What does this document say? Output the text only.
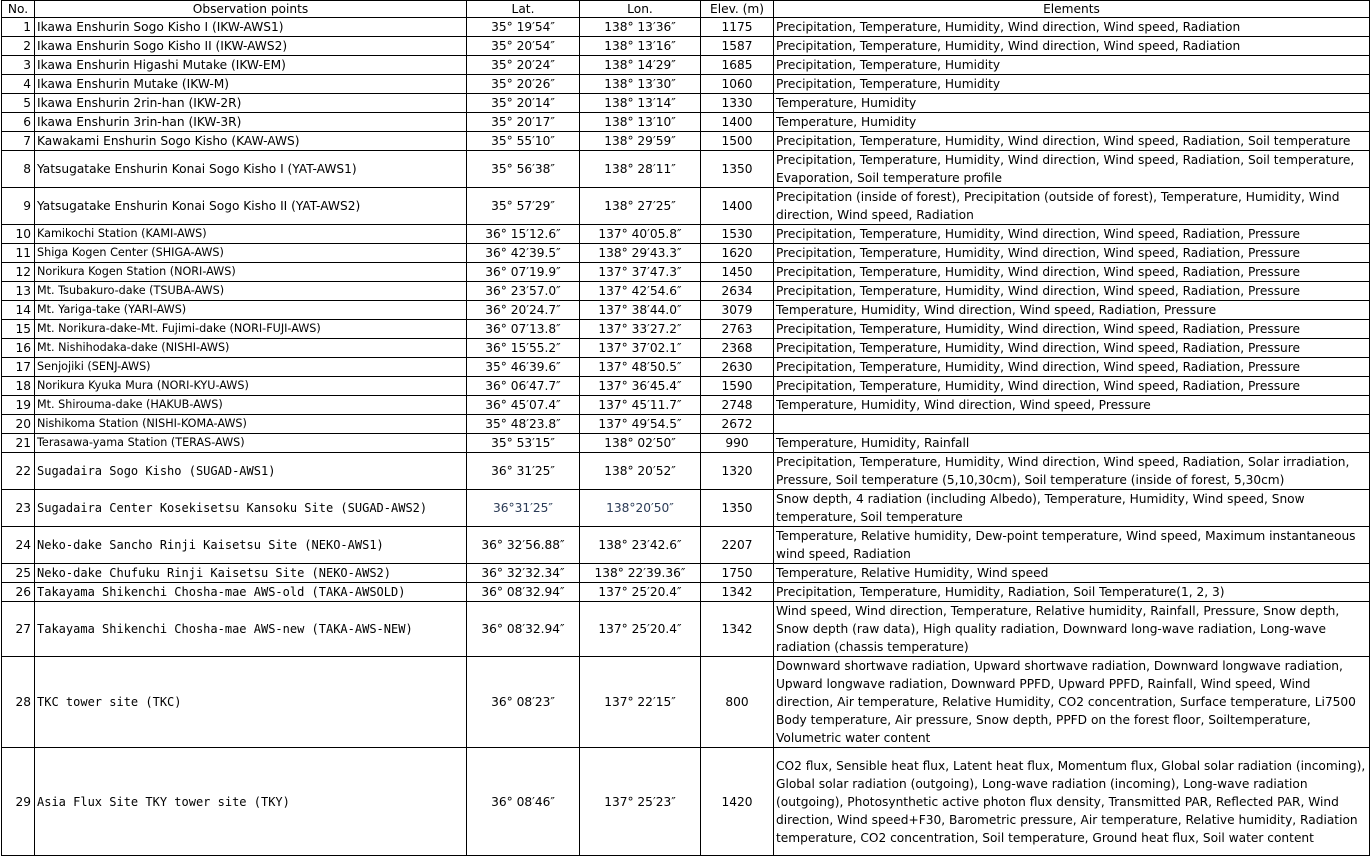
No.	Observation points	Lat.	Lon.	Elev. (m)	Elements
1	Ikawa Enshurin Sogo Kisho I (IKW-AWS1)	35° 19′54″	138° 13′36″	1175	Precipitation, Temperature, Humidity, Wind direction, Wind speed, Radiation
2	Ikawa Enshurin Sogo Kisho II (IKW-AWS2)	35° 20′54″	138° 13′16″	1587	Precipitation, Temperature, Humidity, Wind direction, Wind speed, Radiation
3	Ikawa Enshurin Higashi Mutake (IKW-EM)	35° 20′24″	138° 14′29″	1685	Precipitation, Temperature, Humidity
4	Ikawa Enshurin Mutake (IKW-M)	35° 20′26″	138° 13′30″	1060	Precipitation, Temperature, Humidity
5	Ikawa Enshurin 2rin-han (IKW-2R)	35° 20′14″	138° 13′14″	1330	Temperature, Humidity
6	Ikawa Enshurin 3rin-han (IKW-3R)	35° 20′17″	138° 13′10″	1400	Temperature, Humidity
7	Kawakami Enshurin Sogo Kisho (KAW-AWS)	35° 55′10″	138° 29′59″	1500	Precipitation, Temperature, Humidity, Wind direction, Wind speed, Radiation, Soil temperature
8	Yatsugatake Enshurin Konai Sogo Kisho I (YAT-AWS1)	35° 56′38″	138° 28′11″	1350	Precipitation, Temperature, Humidity, Wind direction, Wind speed, Radiation, Soil temperature, Evaporation, Soil temperature profile
9	Yatsugatake Enshurin Konai Sogo Kisho II (YAT-AWS2)	35° 57′29″	138° 27′25″	1400	Precipitation (inside of forest), Precipitation (outside of forest), Temperature, Humidity, Wind direction, Wind speed, Radiation
10	Kamikochi Station (KAMI-AWS)	36° 15′12.6″	137° 40′05.8″	1530	Precipitation, Temperature, Humidity, Wind direction, Wind speed, Radiation, Pressure
11	Shiga Kogen Center (SHIGA-AWS)	36° 42′39.5″	138° 29′43.3″	1620	Precipitation, Temperature, Humidity, Wind direction, Wind speed, Radiation, Pressure
12	Norikura Kogen Station (NORI-AWS)	36° 07′19.9″	137° 37′47.3″	1450	Precipitation, Temperature, Humidity, Wind direction, Wind speed, Radiation, Pressure
13	Mt. Tsubakuro-dake (TSUBA-AWS)	36° 23′57.0″	137° 42′54.6″	2634	Precipitation, Temperature, Humidity, Wind direction, Wind speed, Radiation, Pressure
14	Mt. Yariga-take (YARI-AWS)	36° 20′24.7″	137° 38′44.0″	3079	Temperature, Humidity, Wind direction, Wind speed, Radiation, Pressure
15	Mt. Norikura-dake-Mt. Fujimi-dake (NORI-FUJI-AWS)	36° 07′13.8″	137° 33′27.2″	2763	Precipitation, Temperature, Humidity, Wind direction, Wind speed, Radiation, Pressure
16	Mt. Nishihodaka-dake (NISHI-AWS)	36° 15′55.2″	137° 37′02.1″	2368	Precipitation, Temperature, Humidity, Wind direction, Wind speed, Radiation, Pressure
17	Senjojiki (SENJ-AWS)	35° 46′39.6″	137° 48′50.5″	2630	Precipitation, Temperature, Humidity, Wind direction, Wind speed, Radiation, Pressure
18	Norikura Kyuka Mura (NORI-KYU-AWS)	36° 06′47.7″	137° 36′45.4″	1590	Precipitation, Temperature, Humidity, Wind direction, Wind speed, Radiation, Pressure
19	Mt. Shirouma-dake (HAKUB-AWS)	36° 45′07.4″	137° 45′11.7″	2748	Temperature, Humidity, Wind direction, Wind speed, Pressure
20	Nishikoma Station (NISHI-KOMA-AWS)	35° 48′23.8″	137° 49′54.5″	2672	
21	Terasawa-yama Station (TERAS-AWS)	35° 53′15″	138° 02′50″	990	Temperature, Humidity, Rainfall
22	Sugadaira Sogo Kisho (SUGAD-AWS1)	36° 31′25″	138° 20′52″	1320	Precipitation, Temperature, Humidity, Wind direction, Wind speed, Radiation, Solar irradiation, Pressure, Soil temperature (5,10,30cm), Soil temperature (inside of forest, 5,30cm)
23	Sugadaira Center Kosekisetsu Kansoku Site (SUGAD-AWS2)	36°31′25″	138°20′50″	1350	Snow depth, 4 radiation (including Albedo), Temperature, Humidity, Wind speed, Snow temperature, Soil temperature
24	Neko-dake Sancho Rinji Kaisetsu Site (NEKO-AWS1)	36° 32′56.88″	138° 23′42.6″	2207	Temperature, Relative humidity, Dew-point temperature, Wind speed, Maximum instantaneous wind speed, Radiation
25	Neko-dake Chufuku Rinji Kaisetsu Site (NEKO-AWS2)	36° 32′32.34″	138° 22′39.36″	1750	Temperature, Relative Humidity, Wind speed
26	Takayama Shikenchi Chosha-mae AWS-old (TAKA-AWSOLD)	36° 08′32.94″	137° 25′20.4″	1342	Precipitation, Temperature, Humidity, Radiation, Soil Temperature(1, 2, 3)
27	Takayama Shikenchi Chosha-mae AWS-new (TAKA-AWS-NEW)	36° 08′32.94″	137° 25′20.4″	1342	Wind speed, Wind direction, Temperature, Relative humidity, Rainfall, Pressure, Snow depth, Snow depth (raw data), High quality radiation, Downward long-wave radiation, Long-wave radiation (chassis temperature)
28	TKC tower site (TKC)	36° 08′23″	137° 22′15″	800	Downward shortwave radiation, Upward shortwave radiation, Downward longwave radiation, Upward longwave radiation, Downward PPFD, Upward PPFD, Rainfall, Wind speed, Wind direction, Air temperature, Relative Humidity, CO2 concentration, Surface temperature, Li7500 Body temperature, Air pressure, Snow depth, PPFD on the forest floor, Soiltemperature, Volumetric water content
29	Asia Flux Site TKY tower site (TKY)	36° 08′46″	137° 25′23″	1420	CO2 flux, Sensible heat flux, Latent heat flux, Momentum flux, Global solar radiation (incoming), Global solar radiation (outgoing), Long-wave radiation (incoming), Long-wave radiation (outgoing), Photosynthetic active photon flux density, Transmitted PAR, Reflected PAR, Wind direction, Wind speed+F30, Barometric pressure, Air temperature, Relative humidity, Radiation temperature, CO2 concentration, Soil temperature, Ground heat flux, Soil water content
